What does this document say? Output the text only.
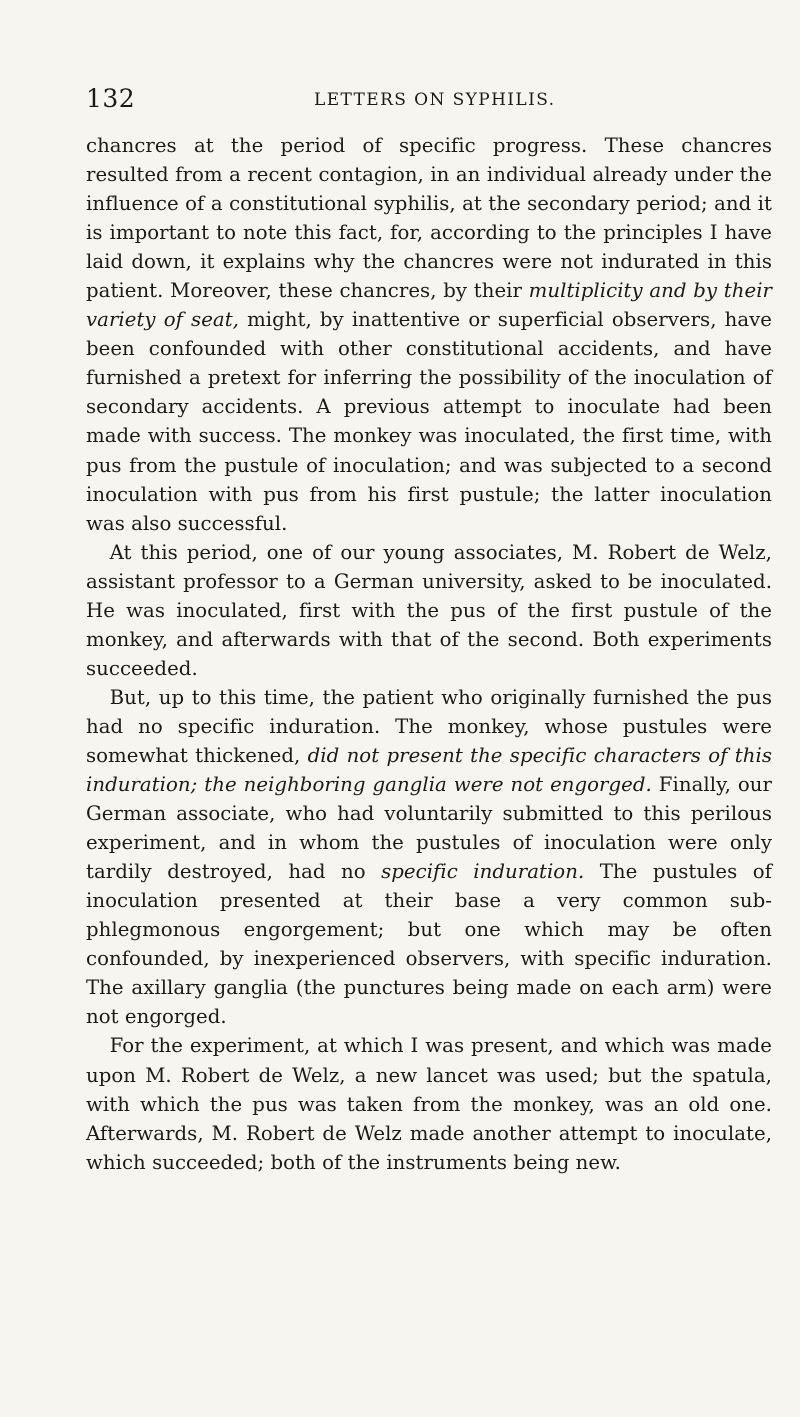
132	LETTERS ON SYPHILIS.

chancres at the period of specific progress. These chancres resulted from a recent contagion, in an individual already under the influence of a constitutional syphilis, at the secondary period; and it is important to note this fact, for, according to the principles I have laid down, it explains why the chancres were not indurated in this patient. Moreover, these chancres, by their multiplicity and by their variety of seat, might, by inattentive or superficial observers, have been confounded with other constitutional accidents, and have furnished a pretext for inferring the possibility of the inoculation of secondary accidents. A previous attempt to inoculate had been made with success. The monkey was inoculated, the first time, with pus from the pustule of inoculation; and was subjected to a second inoculation with pus from his first pustule; the latter inoculation was also successful.

At this period, one of our young associates, M. Robert de Welz, assistant professor to a German university, asked to be inoculated. He was inoculated, first with the pus of the first pustule of the monkey, and afterwards with that of the second. Both experiments succeeded.

But, up to this time, the patient who originally furnished the pus had no specific induration. The monkey, whose pustules were somewhat thickened, did not present the specific characters of this induration; the neighboring ganglia were not engorged. Finally, our German associate, who had voluntarily submitted to this perilous experiment, and in whom the pustules of inoculation were only tardily destroyed, had no specific induration. The pustules of inoculation presented at their base a very common sub-phlegmonous engorgement; but one which may be often confounded, by inexperienced observers, with specific induration. The axillary ganglia (the punctures being made on each arm) were not engorged.

For the experiment, at which I was present, and which was made upon M. Robert de Welz, a new lancet was used; but the spatula, with which the pus was taken from the monkey, was an old one. Afterwards, M. Robert de Welz made another attempt to inoculate, which succeeded; both of the instruments being new.
